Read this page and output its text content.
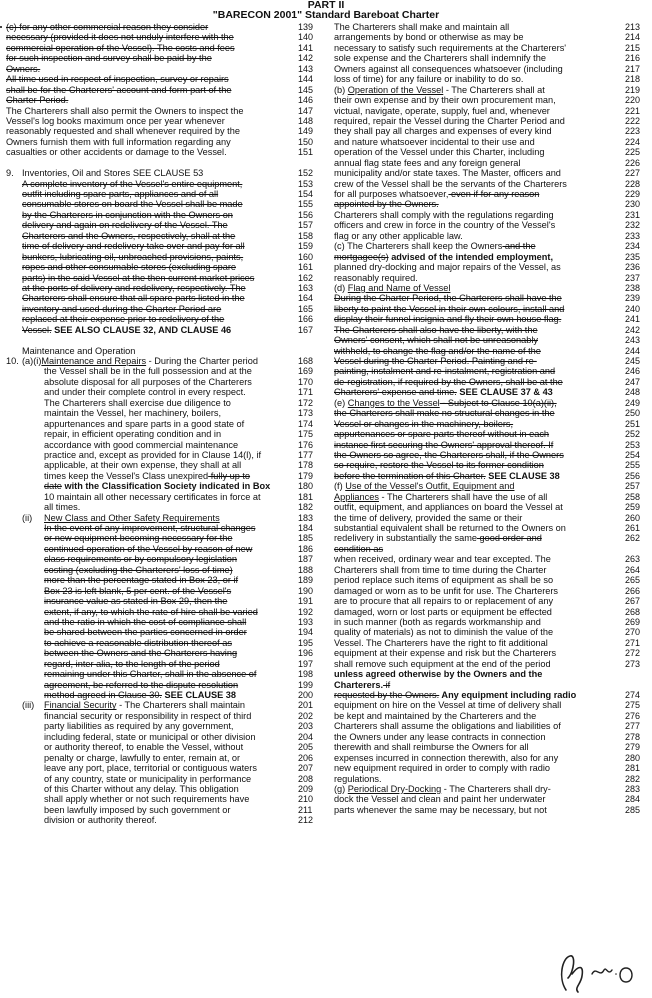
PART II
"BARECON 2001" Standard Bareboat Charter
(c) for any other commercial reason they consider	139
necessary (provided it does not unduly interfere with the	140
commercial operation of the Vessel). The costs and fees	141
for such inspection and survey shall be paid by the	142
Owners.	143
All time used in respect of inspection, survey or repairs	144
shall be for the Charterers' account and form part of the	145
Charter Period.	146
The Charterers shall also permit the Owners to inspect the	147
Vessel's log books maximum once per year whenever	148
reasonably requested and shall whenever required by the	149
Owners furnish them with full information regarding any	150
casualties or other accidents or damage to the Vessel.	151
9. Inventories, Oil and Stores SEE CLAUSE 53	152
A complete inventory of the Vessel's entire equipment,	153
outfit including spare parts, appliances and of all	154
consumable stores on board the Vessel shall be made	155
by the Charterers in conjunction with the Owners on	156
delivery and again on redelivery of the Vessel. The	157
Charterers and the Owners, respectively, shall at the	158
time of delivery and redelivery take over and pay for all	159
bunkers, lubricating oil, unbroached provisions, paints,	160
ropes and other consumable stores (excluding spare	161
parts) in the said Vessel at the then current market prices	162
at the ports of delivery and redelivery, respectively. The	163
Charterers shall ensure that all spare parts listed in the	164
inventory and used during the Charter Period are	165
replaced at their expense prior to redelivery of the	166
Vessel. SEE ALSO CLAUSE 32, AND CLAUSE 46	167
Maintenance and Operation
10. (a)(i)Maintenance and Repairs - During the Charter period	168
the Vessel shall be in the full possession and at the	169
absolute disposal for all purposes of the Charterers	170
and under their complete control in every respect.	171
The Charterers shall exercise due diligence to	172
maintain the Vessel, her machinery, boilers,	173
appurtenances and spare parts in a good state of	174
repair, in efficient operating condition and in	175
accordance with good commercial maintenance	176
practice and, except as provided for in Clause 14(l), if	177
applicable, at their own expense, they shall at all	178
times keep the Vessel's Class unexpired fully up to	179
date with the Classification Society indicated in Box	180
10 maintain all other necessary certificates in force at	181
all times.	182
(ii) New Class and Other Safety Requirements	183
In the event of any improvement, structural changes	184
or new equipment becoming necessary for the	185
continued operation of the Vessel by reason of new	186
class requirements or by compulsory legislation	187
costing (excluding the Charterers' loss of time)	188
more than the percentage stated in Box 23, or if	189
Box 23 is left blank, 5 per cent. of the Vessel's	190
insurance value as stated in Box 29, then the	191
extent, if any, to which the rate of hire shall be varied	192
and the ratio in which the cost of compliance shall	193
be shared between the parties concerned in order	194
to achieve a reasonable distribution thereof as	195
between the Owners and the Charterers having	196
regard, inter alia, to the length of the period	197
remaining under this Charter, shall in the absence of	198
agreement, be referred to the dispute resolution	199
method agreed in Clause 30. SEE CLAUSE 38	200
(iii) Financial Security - The Charterers shall maintain	201
financial security or responsibility in respect of third	202
party liabilities as required by any government,	203
including federal, state or municipal or other division	204
or authority thereof, to enable the Vessel, without	205
penalty or charge, lawfully to enter, remain at, or	206
leave any port, place, territorial or contiguous waters	207
of any country, state or municipality in performance	208
of this Charter without any delay. This obligation	209
shall apply whether or not such requirements have	210
been lawfully imposed by such government or	211
division or authority thereof.	212
The Charterers shall make and maintain all	213
arrangements by bond or otherwise as may be	214
necessary to satisfy such requirements at the Charterers'	215
sole expense and the Charterers shall indemnify the	216
Owners against all consequences whatsoever (including	217
loss of time) for any failure or inability to do so.	218
(b) Operation of the Vessel - The Charterers shall at	219
their own expense and by their own procurement man,	220
victual, navigate, operate, supply, fuel and, whenever	221
required, repair the Vessel during the Charter Period and	222
they shall pay all charges and expenses of every kind	223
and nature whatsoever incidental to their use and	224
operation of the Vessel under this Charter, including	225
annual flag state fees and any foreign general	226
municipality and/or state taxes. The Master, officers and	227
crew of the Vessel shall be the servants of the Charterers	228
for all purposes whatsoever, even if for any reason	229
appointed by the Owners.	230
Charterers shall comply with the regulations regarding	231
officers and crew in force in the country of the Vessel's	232
flag or any other applicable law.	233
(c) The Charterers shall keep the Owners and the	234
mortgagee(s) advised of the intended employment,	235
planned dry-docking and major repairs of the Vessel, as	236
reasonably required.	237
(d) Flag and Name of Vessel	238
During the Charter Period, the Charterers shall have the	239
liberty to paint the Vessel in their own colours, install and	240
display their funnel insignia and fly their own house flag.	241
The Charterers shall also have the liberty, with the	242
Owners' consent, which shall not be unreasonably	243
withheld, to change the flag and/or the name of the	244
Vessel during the Charter Period. Painting and re-	245
painting, instalment and re-instalment, registration and	246
de-registration, if required by the Owners, shall be at the	247
Charterers' expense and time. SEE CLAUSE 37 & 43	248
(e) Changes to the Vessel - Subject to Clause 10(a)(ii),	249
the Charterers shall make no structural changes in the	250
Vessel or changes in the machinery, boilers,	251
appurtenances or spare parts thereof without in each	252
instance first securing the Owners' approval thereof. If	253
the Owners so agree, the Charterers shall, if the Owners	254
so require, restore the Vessel to its former condition	255
before the termination of this Charter. SEE CLAUSE 38	256
(f) Use of the Vessel's Outfit, Equipment and	257
Appliances - The Charterers shall have the use of all	258
outfit, equipment, and appliances on board the Vessel at	259
the time of delivery, provided the same or their	260
substantial equivalent shall be returned to the Owners on	261
redelivery in substantially the same good order and	262
condition as
when received, ordinary wear and tear excepted. The	263
Charterers shall from time to time during the Charter	264
period replace such items of equipment as shall be so	265
damaged or worn as to be unfit for use. The Charterers	266
are to procure that all repairs to or replacement of any	267
damaged, worn or lost parts or equipment be effected	268
in such manner (both as regards workmanship and	269
quality of materials) as not to diminish the value of the	270
Vessel. The Charterers have the right to fit additional	271
equipment at their expense and risk but the Charterers	272
shall remove such equipment at the end of the period	273
unless agreed otherwise by the Owners and the
Charterers. if
requested by the Owners. Any equipment including radio	274
equipment on hire on the Vessel at time of delivery shall	275
be kept and maintained by the Charterers and the	276
Charterers shall assume the obligations and liabilities of	277
the Owners under any lease contracts in connection	278
therewith and shall reimburse the Owners for all	279
expenses incurred in connection therewith, also for any	280
new equipment required in order to comply with radio	281
regulations.	282
(g) Periodical Dry-Docking - The Charterers shall dry-	283
dock the Vessel and clean and paint her underwater	284
parts whenever the same may be necessary, but not	285
